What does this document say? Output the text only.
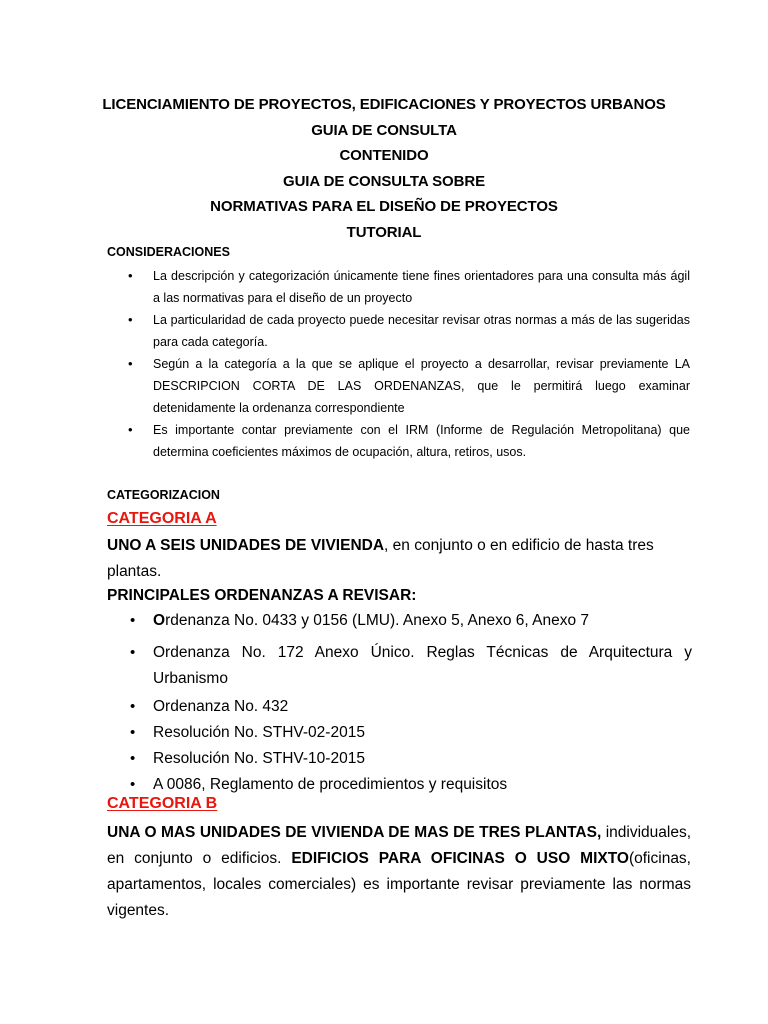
LICENCIAMIENTO DE PROYECTOS, EDIFICACIONES Y PROYECTOS URBANOS
GUIA DE CONSULTA
CONTENIDO
GUIA DE CONSULTA SOBRE
NORMATIVAS PARA EL DISEÑO DE PROYECTOS
TUTORIAL
CONSIDERACIONES
•	La descripción y categorización únicamente tiene fines orientadores para una consulta más ágil a las normativas para el diseño de un proyecto
•	La particularidad de cada proyecto puede necesitar revisar otras normas a más de las sugeridas para cada categoría.
•	Según a la categoría a la que se aplique el proyecto a desarrollar, revisar previamente LA DESCRIPCION CORTA DE LAS ORDENANZAS, que le permitirá luego examinar detenidamente la ordenanza correspondiente
•	Es importante contar previamente con el IRM (Informe de Regulación Metropolitana) que determina coeficientes máximos de ocupación, altura, retiros, usos.
CATEGORIZACION
CATEGORIA A

UNO A SEIS UNIDADES DE VIVIENDA, en conjunto o en edificio de hasta tres plantas.

PRINCIPALES ORDENANZAS A REVISAR:
•	Ordenanza No. 0433 y 0156 (LMU). Anexo 5, Anexo 6, Anexo 7
•	Ordenanza No. 172 Anexo Único. Reglas Técnicas de Arquitectura y Urbanismo
•	Ordenanza No. 432
•	Resolución No. STHV-02-2015
•	Resolución No. STHV-10-2015
•	A 0086, Reglamento de procedimientos y requisitos
CATEGORIA B

UNA O MAS UNIDADES DE VIVIENDA DE MAS DE TRES PLANTAS, individuales, en conjunto o edificios. EDIFICIOS PARA OFICINAS O USO MIXTO(oficinas, apartamentos, locales comerciales) es importante revisar previamente las normas vigentes.
